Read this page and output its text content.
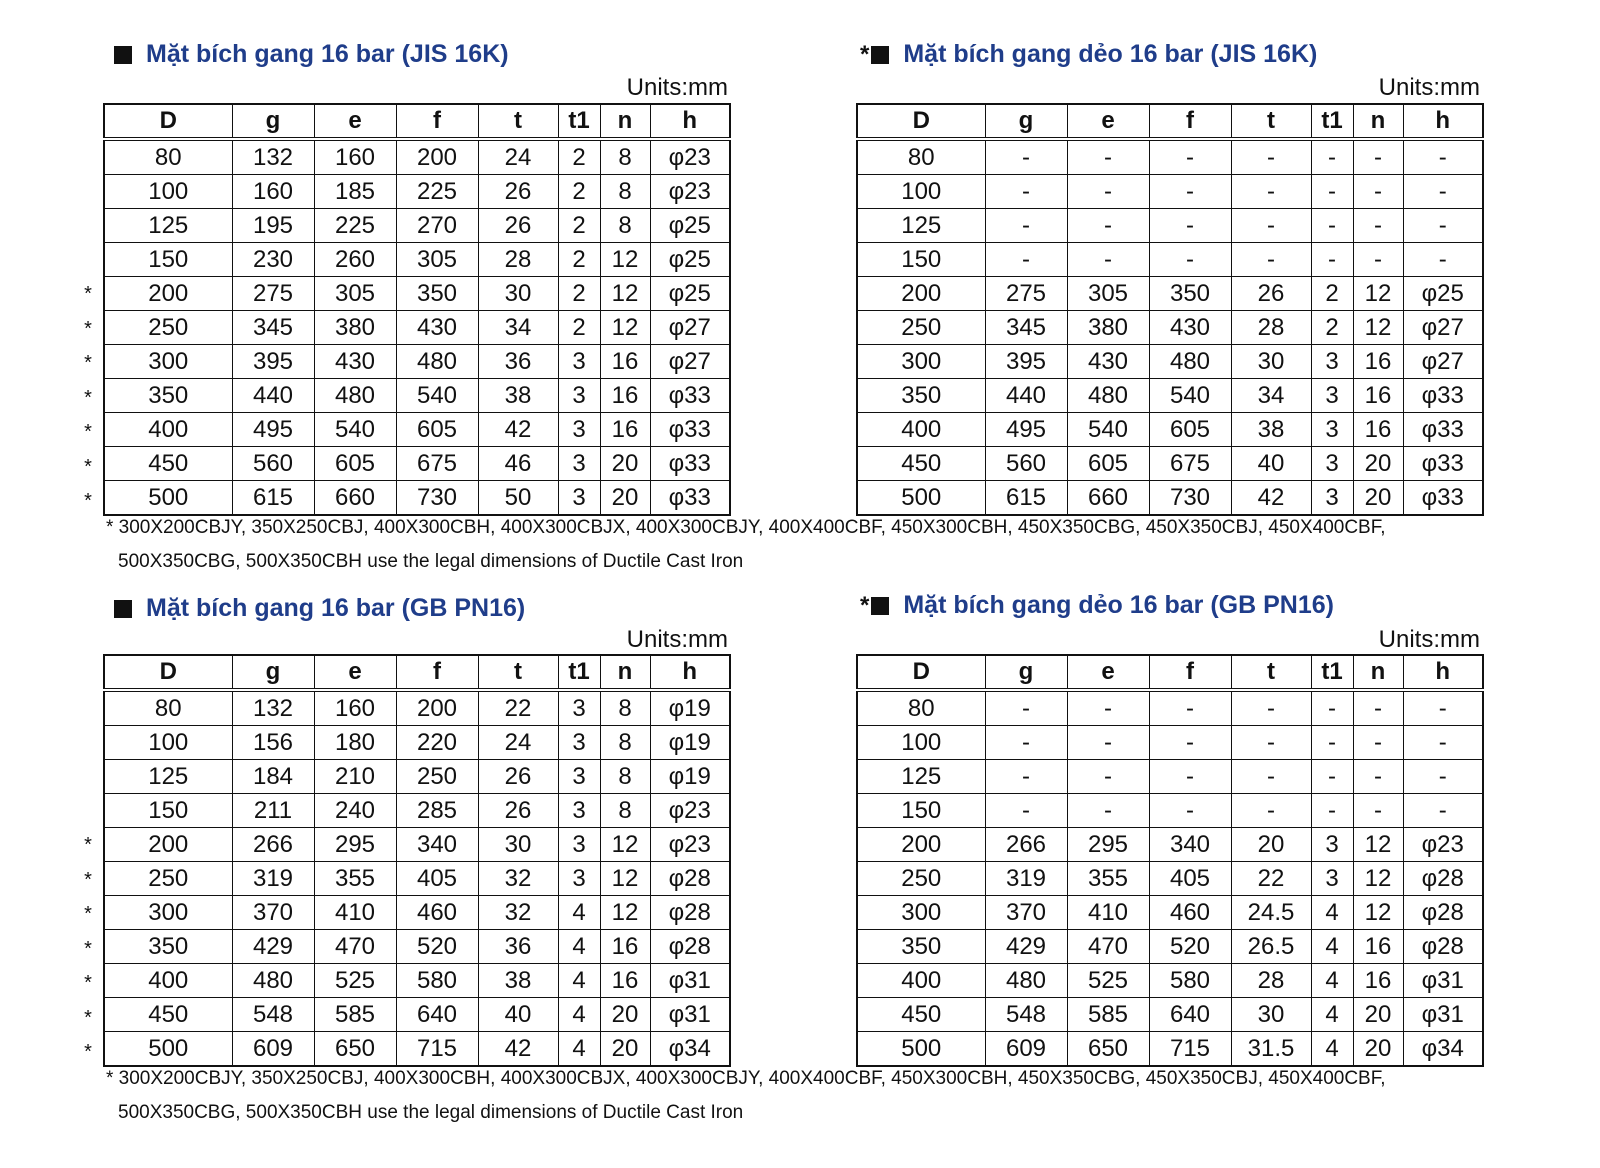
Mặt bích gang 16 bar (JIS 16K)
Units:mm
*
*
*
*
*
*
*
D	g	e	f	t	t1	n	h
80	132	160	200	24	2	8	φ23
100	160	185	225	26	2	8	φ23
125	195	225	270	26	2	8	φ25
150	230	260	305	28	2	12	φ25
200	275	305	350	30	2	12	φ25
250	345	380	430	34	2	12	φ27
300	395	430	480	36	3	16	φ27
350	440	480	540	38	3	16	φ33
400	495	540	605	42	3	16	φ33
450	560	605	675	46	3	20	φ33
500	615	660	730	50	3	20	φ33
* Mặt bích gang dẻo 16 bar (JIS 16K)
Units:mm
D	g	e	f	t	t1	n	h
80	-	-	-	-	-	-	-
100	-	-	-	-	-	-	-
125	-	-	-	-	-	-	-
150	-	-	-	-	-	-	-
200	275	305	350	26	2	12	φ25
250	345	380	430	28	2	12	φ27
300	395	430	480	30	3	16	φ27
350	440	480	540	34	3	16	φ33
400	495	540	605	38	3	16	φ33
450	560	605	675	40	3	20	φ33
500	615	660	730	42	3	20	φ33
* 300X200CBJY, 350X250CBJ, 400X300CBH, 400X300CBJX, 400X300CBJY, 400X400CBF, 450X300CBH, 450X350CBG, 450X350CBJ, 450X400CBF,
500X350CBG, 500X350CBH use the legal dimensions of Ductile Cast Iron
Mặt bích gang 16 bar (GB PN16)
Units:mm
*
*
*
*
*
*
*
D	g	e	f	t	t1	n	h
80	132	160	200	22	3	8	φ19
100	156	180	220	24	3	8	φ19
125	184	210	250	26	3	8	φ19
150	211	240	285	26	3	8	φ23
200	266	295	340	30	3	12	φ23
250	319	355	405	32	3	12	φ28
300	370	410	460	32	4	12	φ28
350	429	470	520	36	4	16	φ28
400	480	525	580	38	4	16	φ31
450	548	585	640	40	4	20	φ31
500	609	650	715	42	4	20	φ34
* Mặt bích gang dẻo 16 bar (GB PN16)
Units:mm
D	g	e	f	t	t1	n	h
80	-	-	-	-	-	-	-
100	-	-	-	-	-	-	-
125	-	-	-	-	-	-	-
150	-	-	-	-	-	-	-
200	266	295	340	20	3	12	φ23
250	319	355	405	22	3	12	φ28
300	370	410	460	24.5	4	12	φ28
350	429	470	520	26.5	4	16	φ28
400	480	525	580	28	4	16	φ31
450	548	585	640	30	4	20	φ31
500	609	650	715	31.5	4	20	φ34
* 300X200CBJY, 350X250CBJ, 400X300CBH, 400X300CBJX, 400X300CBJY, 400X400CBF, 450X300CBH, 450X350CBG, 450X350CBJ, 450X400CBF,
500X350CBG, 500X350CBH use the legal dimensions of Ductile Cast Iron
